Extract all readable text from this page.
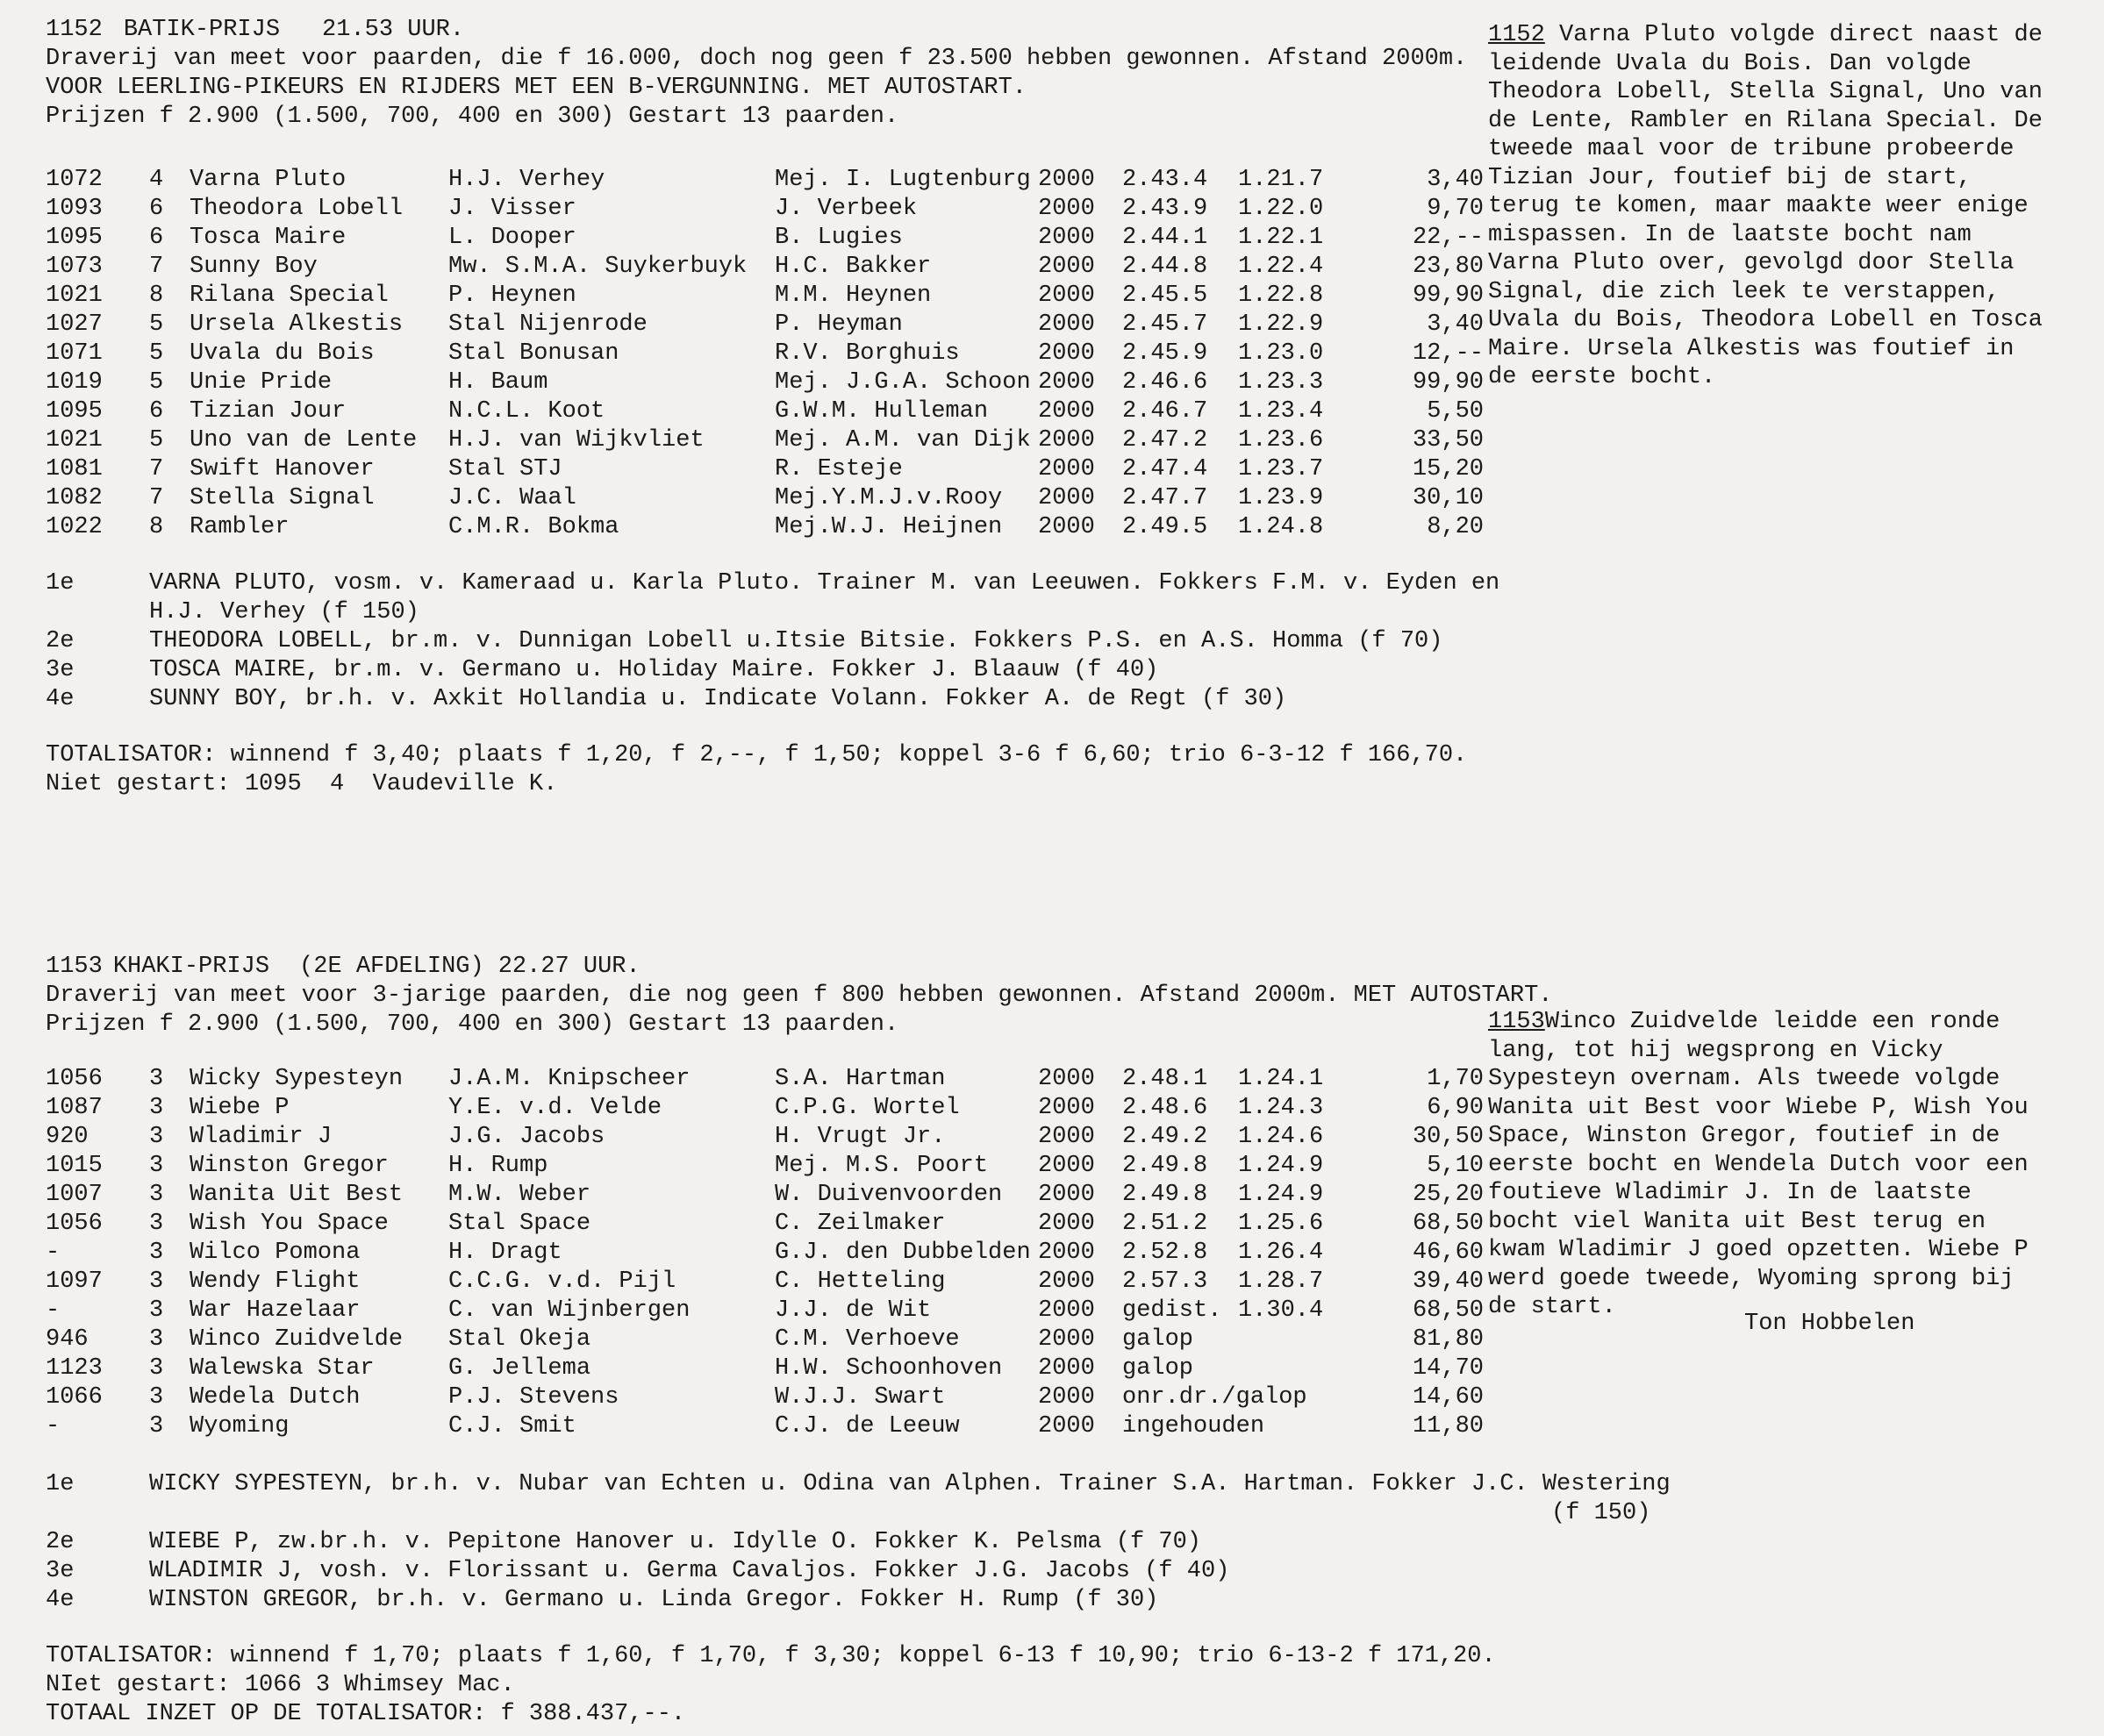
1152 BATIK-PRIJS 21.53 UUR.
Draverij van meet voor paarden, die f 16.000, doch nog geen f 23.500 hebben gewonnen. Afstand 2000m.
VOOR LEERLING-PIKEURS EN RIJDERS MET EEN B-VERGUNNING. MET AUTOSTART.
Prijzen f 2.900 (1.500, 700, 400 en 300) Gestart 13 paarden.
1072	4	Varna Pluto	H.J. Verhey	Mej. I. Lugtenburg 2000	2.43.4	1.21.7	3,40
1093	6	Theodora Lobell	J. Visser	J. Verbeek	2000	2.43.9	1.22.0	9,70
1095	6	Tosca Maire	L. Dooper	B. Lugies	2000	2.44.1	1.22.1	22,--
1073	7	Sunny Boy	Mw. S.M.A. Suykerbuyk	H.C. Bakker	2000	2.44.8	1.22.4	23,80
1021	8	Rilana Special	P. Heynen	M.M. Heynen	2000	2.45.5	1.22.8	99,90
1027	5	Ursela Alkestis	Stal Nijenrode	P. Heyman	2000	2.45.7	1.22.9	3,40
1071	5	Uvala du Bois	Stal Bonusan	R.V. Borghuis	2000	2.45.9	1.23.0	12,--
1019	5	Unie Pride	H. Baum	Mej. J.G.A. Schoon 2000	2.46.6	1.23.3	99,90
1095	6	Tizian Jour	N.C.L. Koot	G.W.M. Hulleman	2000	2.46.7	1.23.4	5,50
1021	5	Uno van de Lente	H.J. van Wijkvliet	Mej. A.M. van Dijk 2000	2.47.2	1.23.6	33,50
1081	7	Swift Hanover	Stal STJ	R. Esteje	2000	2.47.4	1.23.7	15,20
1082	7	Stella Signal	J.C. Waal	Mej.Y.M.J.v.Rooy	2000	2.47.7	1.23.9	30,10
1022	8	Rambler	C.M.R. Bokma	Mej.W.J. Heijnen	2000	2.49.5	1.24.8	8,20
1e	VARNA PLUTO, vosm. v. Kameraad u. Karla Pluto. Trainer M. van Leeuwen. Fokkers F.M. v. Eyden en
H.J. Verhey (f 150)
2e	THEODORA LOBELL, br.m. v. Dunnigan Lobell u.Itsie Bitsie. Fokkers P.S. en A.S. Homma (f 70)
3e	TOSCA MAIRE, br.m. v. Germano u. Holiday Maire. Fokker J. Blaauw (f 40)
4e	SUNNY BOY, br.h. v. Axkit Hollandia u. Indicate Volann. Fokker A. de Regt (f 30)
TOTALISATOR: winnend f 3,40; plaats f 1,20, f 2,--, f 1,50; koppel 3-6 f 6,60; trio 6-3-12 f 166,70.
Niet gestart: 1095  4  Vaudeville K.

1152 Varna Pluto volgde direct naast de leidende Uvala du Bois. Dan volgde Theodora Lobell, Stella Signal, Uno van de Lente, Rambler en Rilana Special. De tweede maal voor de tribune probeerde Tizian Jour, foutief bij de start, terug te komen, maar maakte weer enige mispassen. In de laatste bocht nam Varna Pluto over, gevolgd door Stella Signal, die zich leek te verstappen, Uvala du Bois, Theodora Lobell en Tosca Maire. Ursela Alkestis was foutief in de eerste bocht.

1153 KHAKI-PRIJS (2E AFDELING) 22.27 UUR.
Draverij van meet voor 3-jarige paarden, die nog geen f 800 hebben gewonnen. Afstand 2000m. MET AUTOSTART.
Prijzen f 2.900 (1.500, 700, 400 en 300) Gestart 13 paarden.
1056	3	Wicky Sypesteyn	J.A.M. Knipscheer	S.A. Hartman	2000	2.48.1	1.24.1	1,70
1087	3	Wiebe P	Y.E. v.d. Velde	C.P.G. Wortel	2000	2.48.6	1.24.3	6,90
920	3	Wladimir J	J.G. Jacobs	H. Vrugt Jr.	2000	2.49.2	1.24.6	30,50
1015	3	Winston Gregor	H. Rump	Mej. M.S. Poort	2000	2.49.8	1.24.9	5,10
1007	3	Wanita Uit Best	M.W. Weber	W. Duivenvoorden	2000	2.49.8	1.24.9	25,20
1056	3	Wish You Space	Stal Space	C. Zeilmaker	2000	2.51.2	1.25.6	68,50
-	3	Wilco Pomona	H. Dragt	G.J. den Dubbelden 2000	2.52.8	1.26.4	46,60
1097	3	Wendy Flight	C.C.G. v.d. Pijl	C. Hetteling	2000	2.57.3	1.28.7	39,40
-	3	War Hazelaar	C. van Wijnbergen	J.J. de Wit	2000	gedist. 1.30.4	68,50
946	3	Winco Zuidvelde	Stal Okeja	C.M. Verhoeve	2000	galop	81,80
1123	3	Walewska Star	G. Jellema	H.W. Schoonhoven	2000	galop	14,70
1066	3	Wedela Dutch	P.J. Stevens	W.J.J. Swart	2000	onr.dr./galop	14,60
-	3	Wyoming	C.J. Smit	C.J. de Leeuw	2000	ingehouden	11,80
1e	WICKY SYPESTEYN, br.h. v. Nubar van Echten u. Odina van Alphen. Trainer S.A. Hartman. Fokker J.C. Westering
(f 150)
2e	WIEBE P, zw.br.h. v. Pepitone Hanover u. Idylle O. Fokker K. Pelsma (f 70)
3e	WLADIMIR J, vosh. v. Florissant u. Germa Cavaljos. Fokker J.G. Jacobs (f 40)
4e	WINSTON GREGOR, br.h. v. Germano u. Linda Gregor. Fokker H. Rump (f 30)
TOTALISATOR: winnend f 1,70; plaats f 1,60, f 1,70, f 3,30; koppel 6-13 f 10,90; trio 6-13-2 f 171,20.
NIet gestart: 1066 3 Whimsey Mac.
TOTAAL INZET OP DE TOTALISATOR: f 388.437,--.

1153Winco Zuidvelde leidde een ronde lang, tot hij wegsprong en Vicky Sypesteyn overnam. Als tweede volgde Wanita uit Best voor Wiebe P, Wish You Space, Winston Gregor, foutief in de eerste bocht en Wendela Dutch voor een foutieve Wladimir J. In de laatste bocht viel Wanita uit Best terug en kwam Wladimir J goed opzetten. Wiebe P werd goede tweede, Wyoming sprong bij de start.

Ton Hobbelen
